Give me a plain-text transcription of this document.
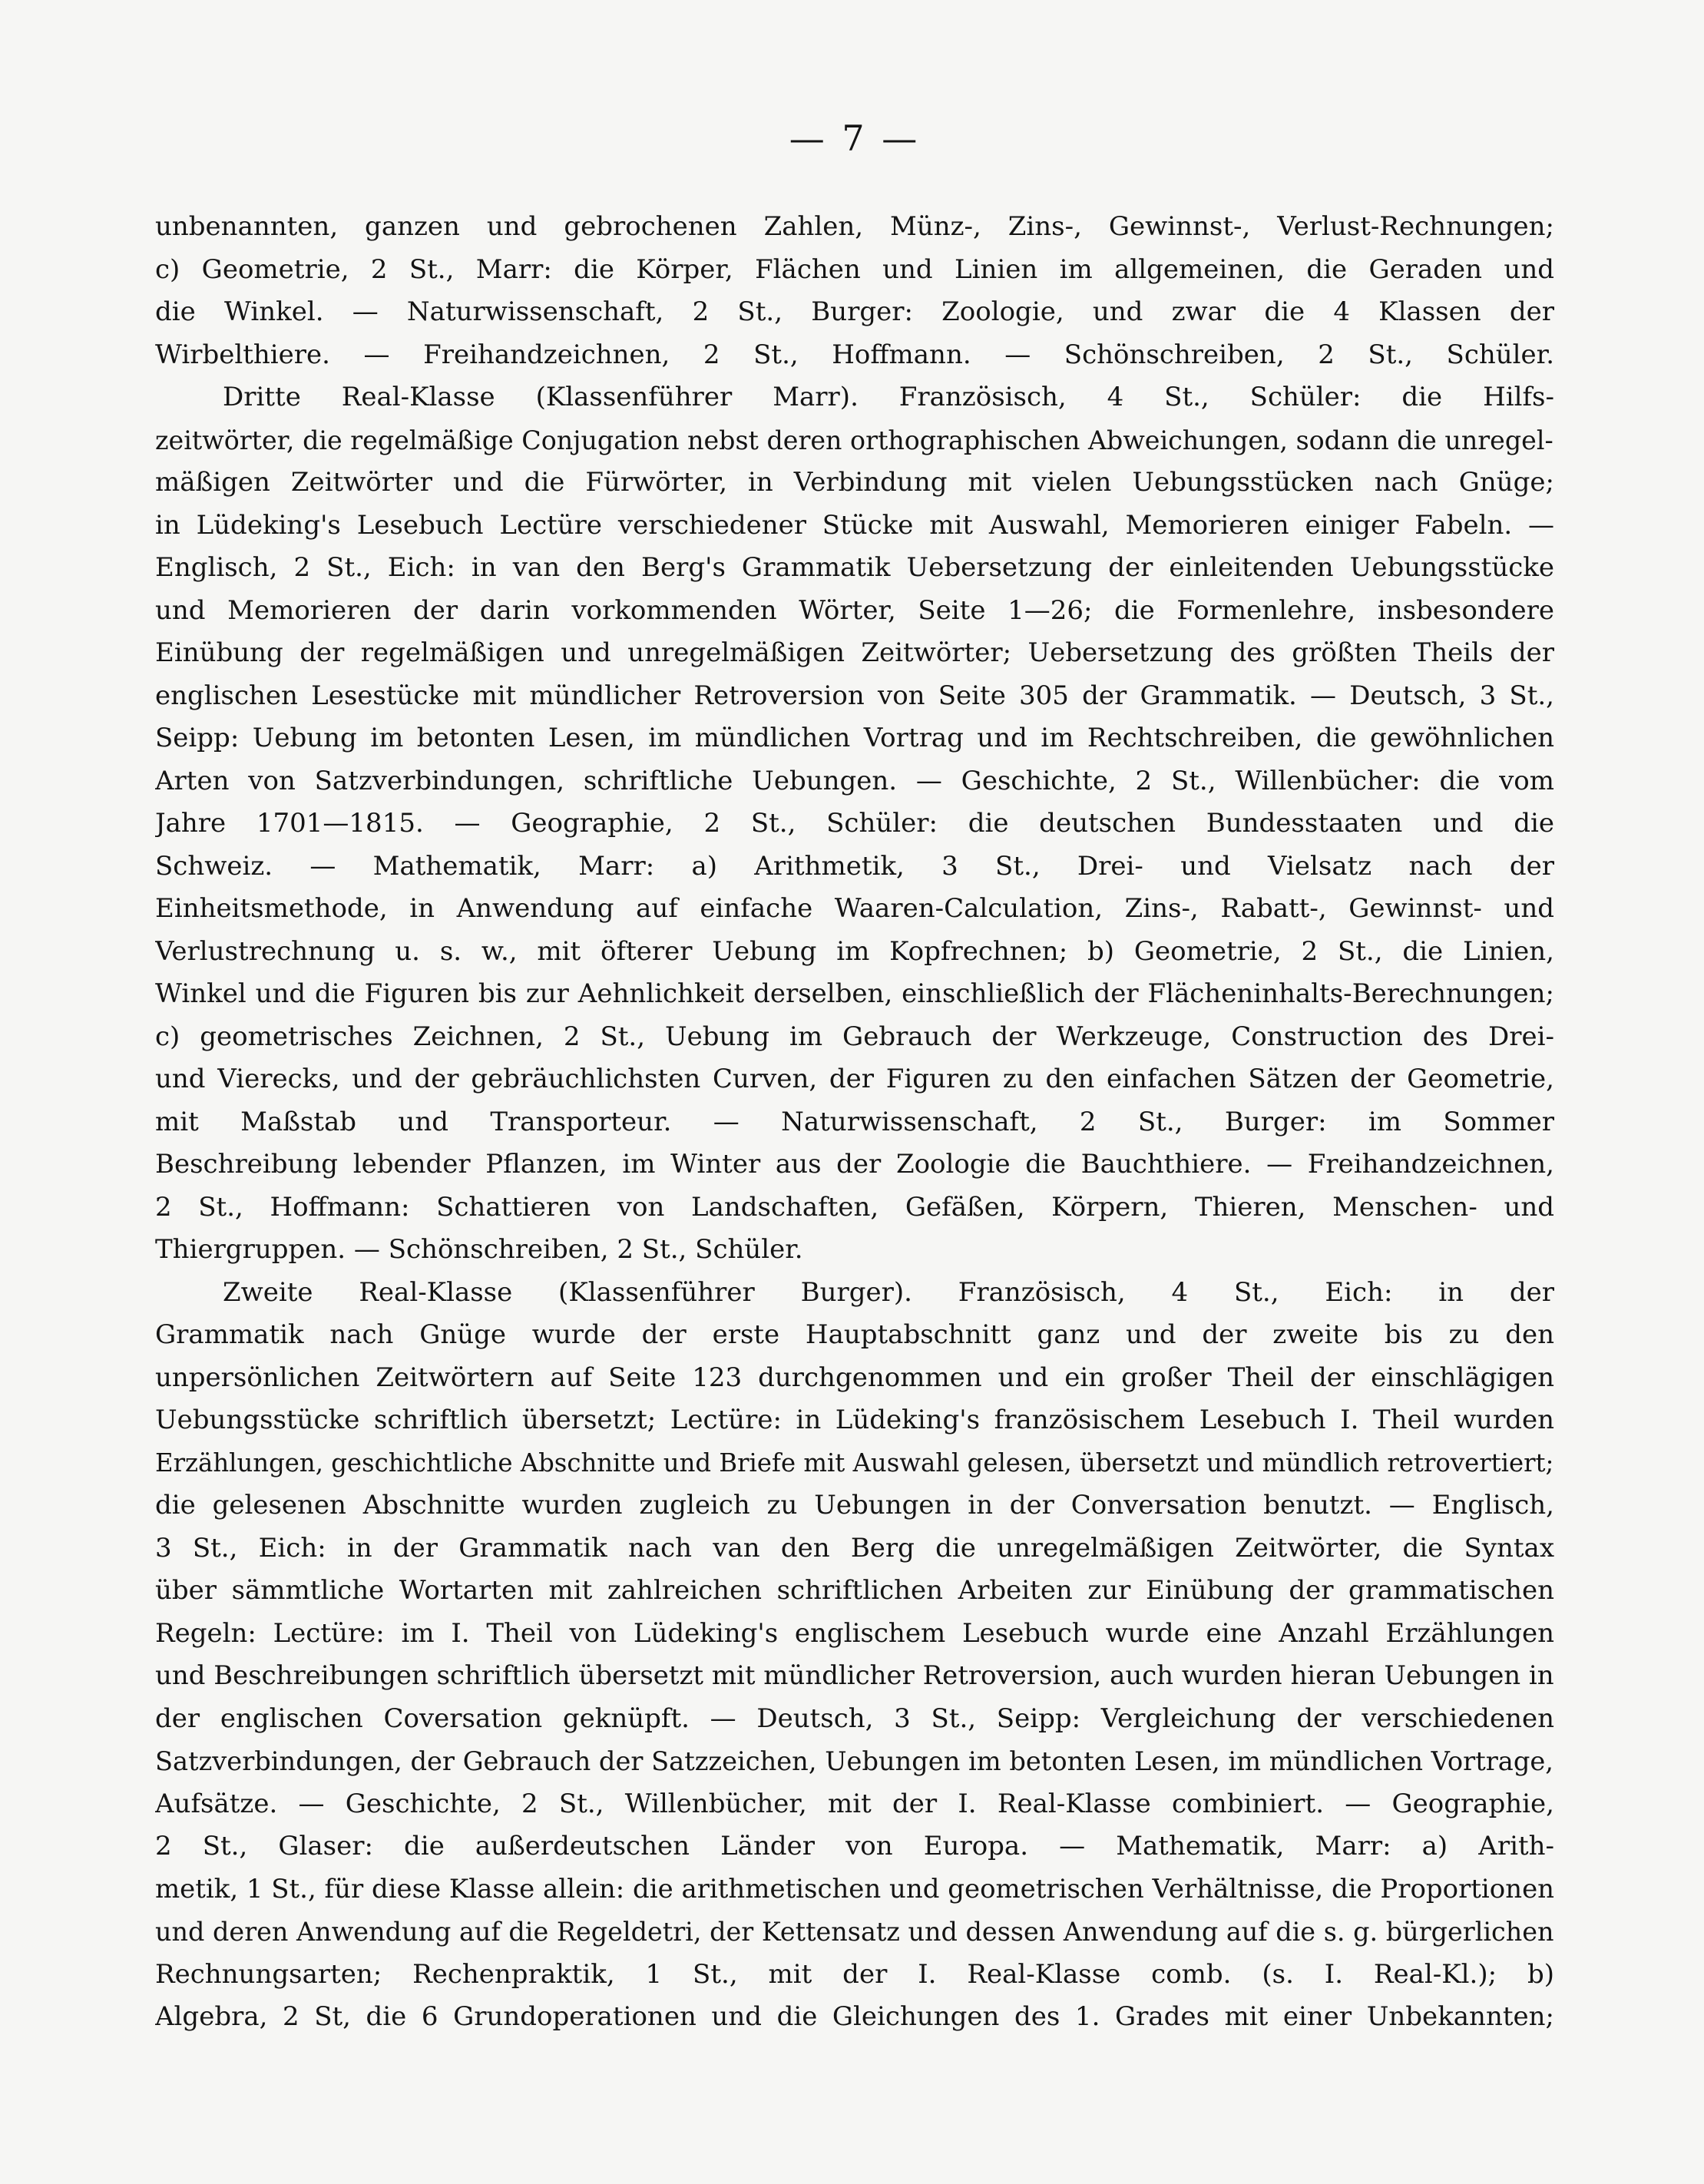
— 7 —
unbenannten, ganzen und gebrochenen Zahlen, Münz-, Zins-, Gewinnst-, Verlust-Rechnungen;
c) Geometrie, 2 St., Marr: die Körper, Flächen und Linien im allgemeinen, die Geraden und
die Winkel. — Naturwissenschaft, 2 St., Burger: Zoologie, und zwar die 4 Klassen der
Wirbelthiere. — Freihandzeichnen, 2 St., Hoffmann. — Schönschreiben, 2 St., Schüler.
Dritte Real-Klasse (Klassenführer Marr). Französisch, 4 St., Schüler: die Hilfs-
zeitwörter, die regelmäßige Conjugation nebst deren orthographischen Abweichungen, sodann die unregel-
mäßigen Zeitwörter und die Fürwörter, in Verbindung mit vielen Uebungsstücken nach Gnüge;
in Lüdeking's Lesebuch Lectüre verschiedener Stücke mit Auswahl, Memorieren einiger Fabeln. —
Englisch, 2 St., Eich: in van den Berg's Grammatik Uebersetzung der einleitenden Uebungsstücke
und Memorieren der darin vorkommenden Wörter, Seite 1—26; die Formenlehre, insbesondere
Einübung der regelmäßigen und unregelmäßigen Zeitwörter; Uebersetzung des größten Theils der
englischen Lesestücke mit mündlicher Retroversion von Seite 305 der Grammatik. — Deutsch, 3 St.,
Seipp: Uebung im betonten Lesen, im mündlichen Vortrag und im Rechtschreiben, die gewöhnlichen
Arten von Satzverbindungen, schriftliche Uebungen. — Geschichte, 2 St., Willenbücher: die vom
Jahre 1701—1815. — Geographie, 2 St., Schüler: die deutschen Bundesstaaten und die
Schweiz. — Mathematik, Marr: a) Arithmetik, 3 St., Drei- und Vielsatz nach der
Einheitsmethode, in Anwendung auf einfache Waaren-Calculation, Zins-, Rabatt-, Gewinnst- und
Verlustrechnung u. s. w., mit öfterer Uebung im Kopfrechnen; b) Geometrie, 2 St., die Linien,
Winkel und die Figuren bis zur Aehnlichkeit derselben, einschließlich der Flächeninhalts-Berechnungen;
c) geometrisches Zeichnen, 2 St., Uebung im Gebrauch der Werkzeuge, Construction des Drei-
und Vierecks, und der gebräuchlichsten Curven, der Figuren zu den einfachen Sätzen der Geometrie,
mit Maßstab und Transporteur. — Naturwissenschaft, 2 St., Burger: im Sommer
Beschreibung lebender Pflanzen, im Winter aus der Zoologie die Bauchthiere. — Freihandzeichnen,
2 St., Hoffmann: Schattieren von Landschaften, Gefäßen, Körpern, Thieren, Menschen- und
Thiergruppen. — Schönschreiben, 2 St., Schüler.
Zweite Real-Klasse (Klassenführer Burger). Französisch, 4 St., Eich: in der
Grammatik nach Gnüge wurde der erste Hauptabschnitt ganz und der zweite bis zu den
unpersönlichen Zeitwörtern auf Seite 123 durchgenommen und ein großer Theil der einschlägigen
Uebungsstücke schriftlich übersetzt; Lectüre: in Lüdeking's französischem Lesebuch I. Theil wurden
Erzählungen, geschichtliche Abschnitte und Briefe mit Auswahl gelesen, übersetzt und mündlich retrovertiert;
die gelesenen Abschnitte wurden zugleich zu Uebungen in der Conversation benutzt. — Englisch,
3 St., Eich: in der Grammatik nach van den Berg die unregelmäßigen Zeitwörter, die Syntax
über sämmtliche Wortarten mit zahlreichen schriftlichen Arbeiten zur Einübung der grammatischen
Regeln: Lectüre: im I. Theil von Lüdeking's englischem Lesebuch wurde eine Anzahl Erzählungen
und Beschreibungen schriftlich übersetzt mit mündlicher Retroversion, auch wurden hieran Uebungen in
der englischen Coversation geknüpft. — Deutsch, 3 St., Seipp: Vergleichung der verschiedenen
Satzverbindungen, der Gebrauch der Satzzeichen, Uebungen im betonten Lesen, im mündlichen Vortrage,
Aufsätze. — Geschichte, 2 St., Willenbücher, mit der I. Real-Klasse combiniert. — Geographie,
2 St., Glaser: die außerdeutschen Länder von Europa. — Mathematik, Marr: a) Arith-
metik, 1 St., für diese Klasse allein: die arithmetischen und geometrischen Verhältnisse, die Proportionen
und deren Anwendung auf die Regeldetri, der Kettensatz und dessen Anwendung auf die s. g. bürgerlichen
Rechnungsarten; Rechenpraktik, 1 St., mit der I. Real-Klasse comb. (s. I. Real-Kl.); b)
Algebra, 2 St, die 6 Grundoperationen und die Gleichungen des 1. Grades mit einer Unbekannten;
